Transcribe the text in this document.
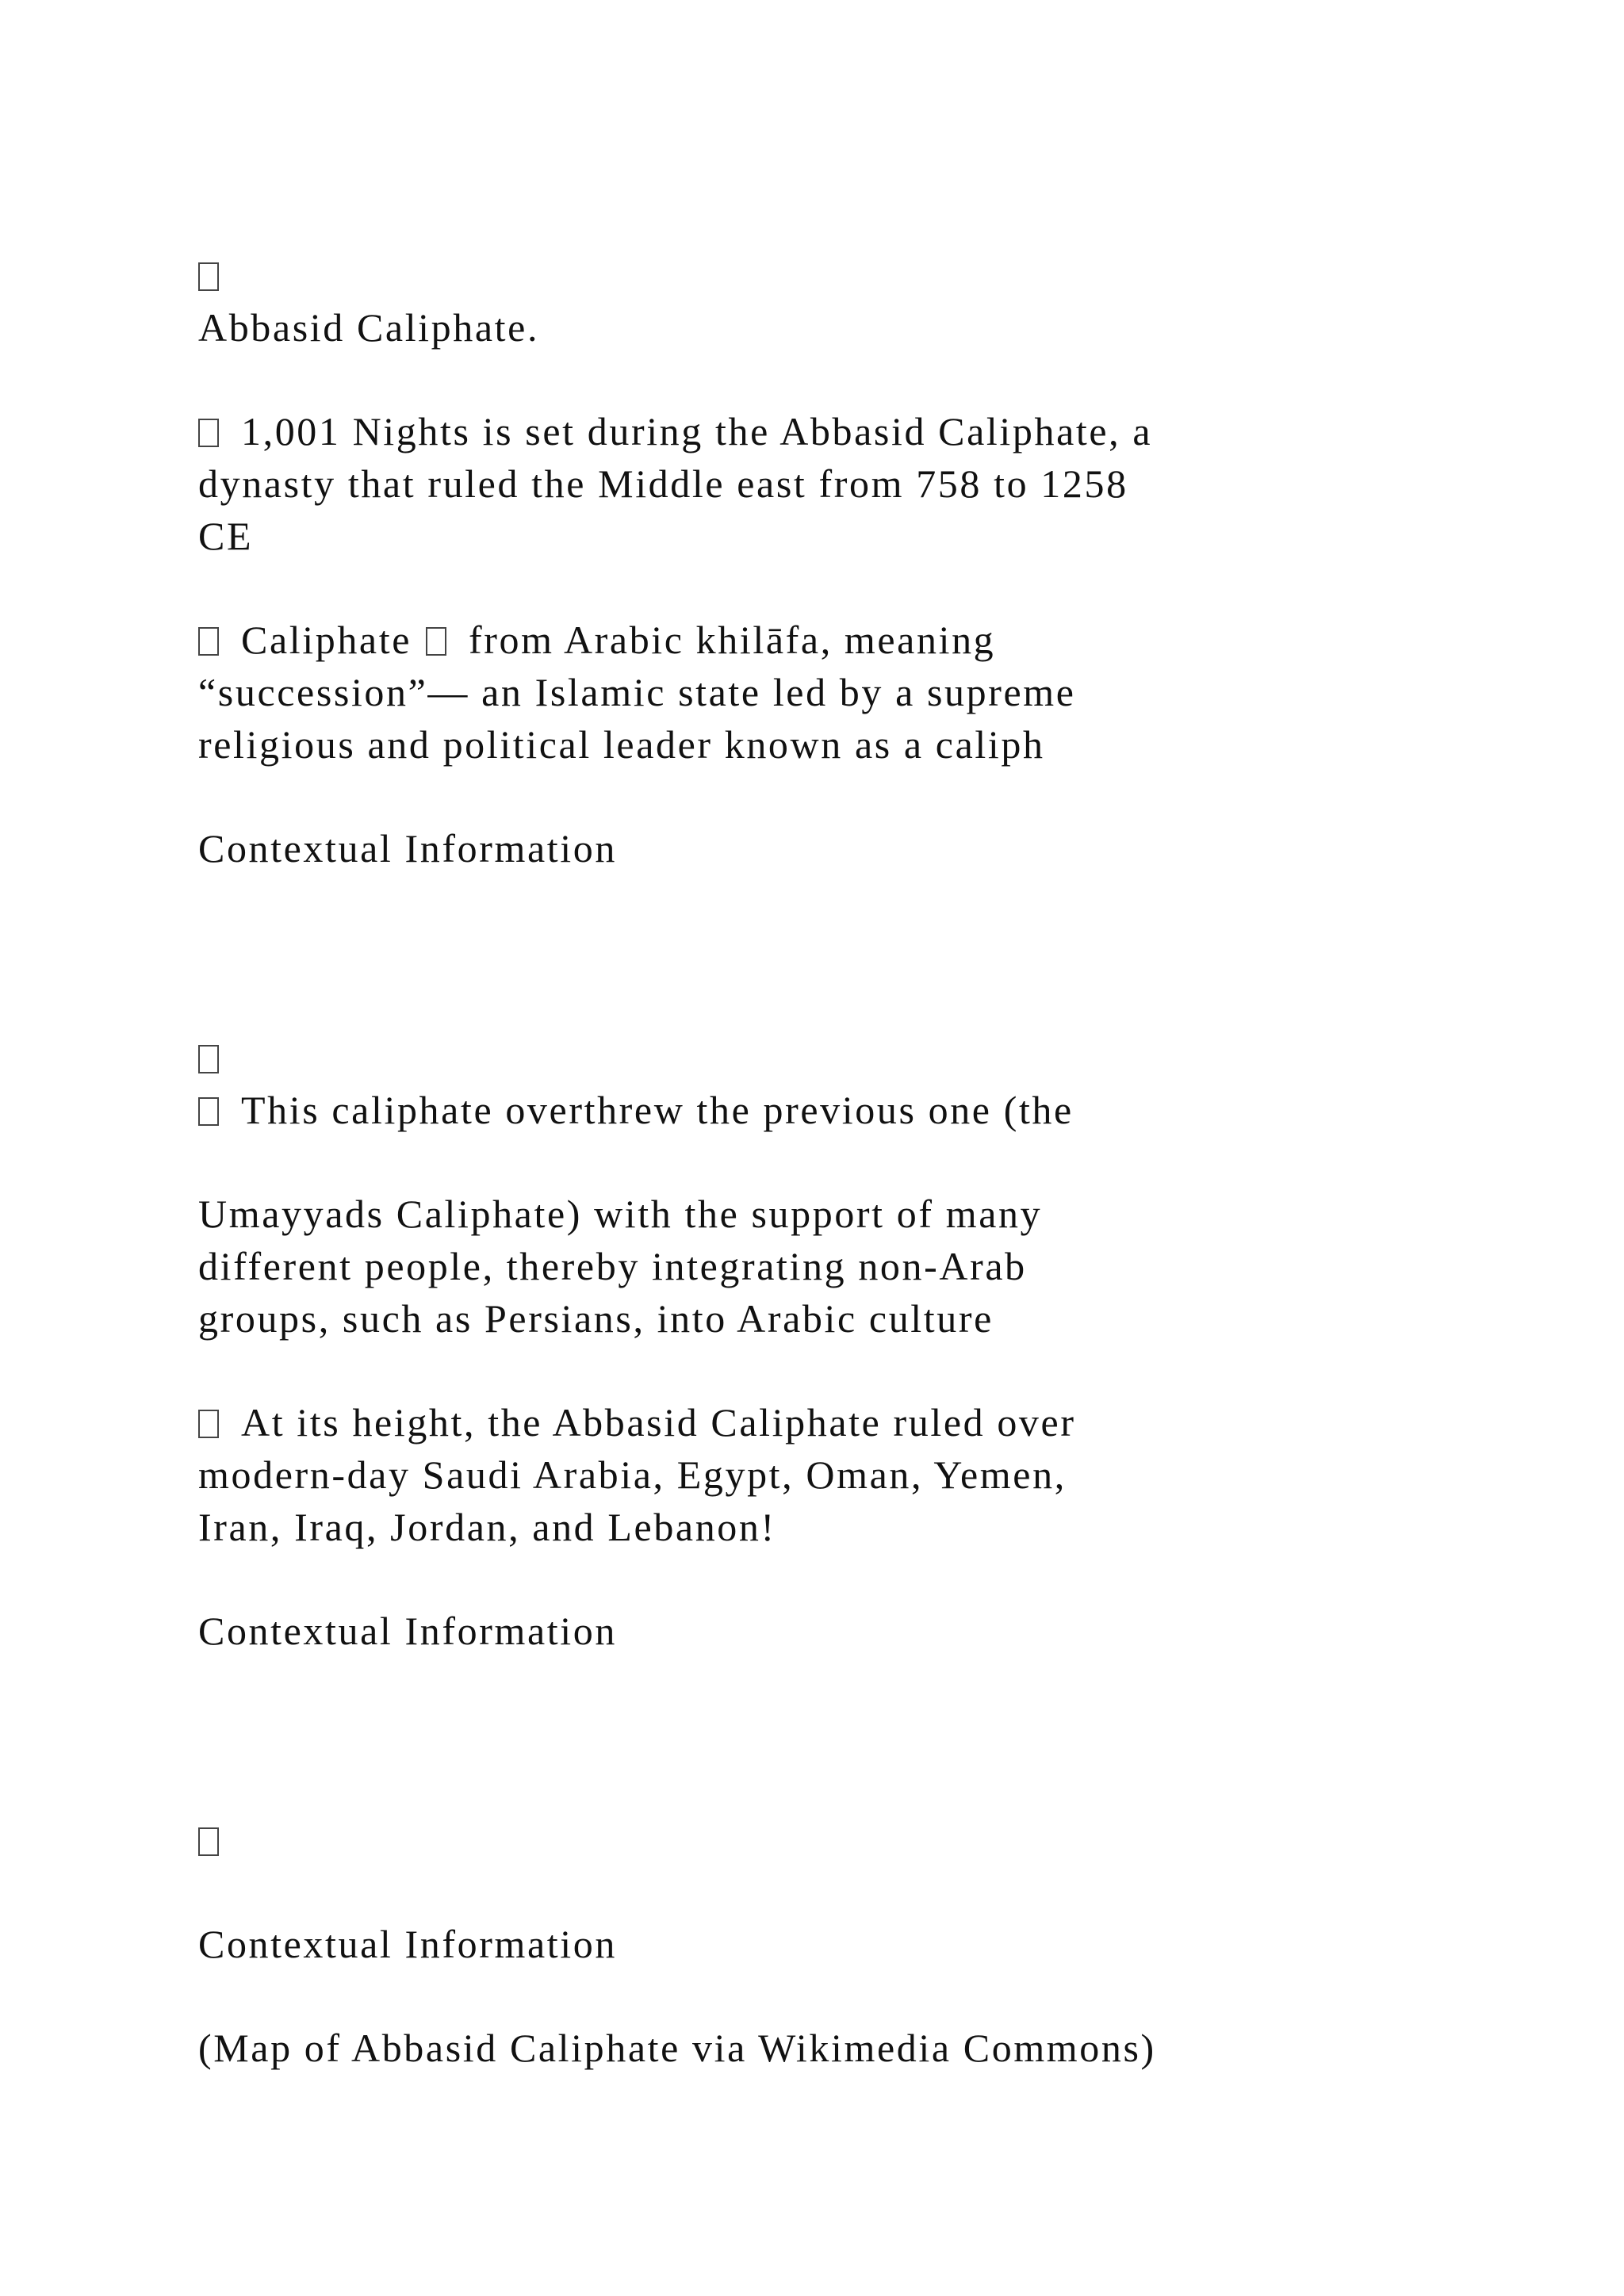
Abbasid Caliphate.
1,001 Nights is set during the Abbasid Caliphate, a
dynasty that ruled the Middle east from 758 to 1258
CE
Caliphate from Arabic khilāfa, meaning
“succession”— an Islamic state led by a supreme
religious and political leader known as a caliph
Contextual Information
This caliphate overthrew the previous one (the
Umayyads Caliphate) with the support of many
different people, thereby integrating non-Arab
groups, such as Persians, into Arabic culture
At its height, the Abbasid Caliphate ruled over
modern-day Saudi Arabia, Egypt, Oman, Yemen,
Iran, Iraq, Jordan, and Lebanon!
Contextual Information
Contextual Information
(Map of Abbasid Caliphate via Wikimedia Commons)
